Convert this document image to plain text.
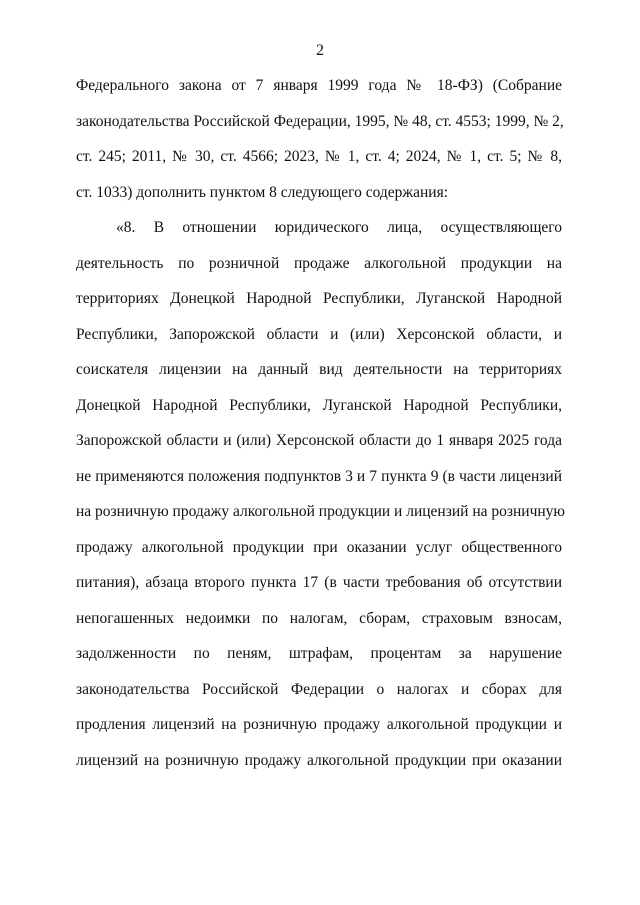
2
Федерального закона от 7 января 1999 года № 18-ФЗ) (Собрание
законодательства Российской Федерации, 1995, № 48, ст. 4553; 1999, № 2,
ст. 245; 2011, № 30, ст. 4566; 2023, № 1, ст. 4; 2024, № 1, ст. 5; № 8,
ст. 1033) дополнить пунктом 8 следующего содержания:
«8. В отношении юридического лица, осуществляющего
деятельность по розничной продаже алкогольной продукции на
территориях Донецкой Народной Республики, Луганской Народной
Республики, Запорожской области и (или) Херсонской области, и
соискателя лицензии на данный вид деятельности на территориях
Донецкой Народной Республики, Луганской Народной Республики,
Запорожской области и (или) Херсонской области до 1 января 2025 года
не применяются положения подпунктов 3 и 7 пункта 9 (в части лицензий
на розничную продажу алкогольной продукции и лицензий на розничную
продажу алкогольной продукции при оказании услуг общественного
питания), абзаца второго пункта 17 (в части требования об отсутствии
непогашенных недоимки по налогам, сборам, страховым взносам,
задолженности по пеням, штрафам, процентам за нарушение
законодательства Российской Федерации о налогах и сборах для
продления лицензий на розничную продажу алкогольной продукции и
лицензий на розничную продажу алкогольной продукции при оказании
